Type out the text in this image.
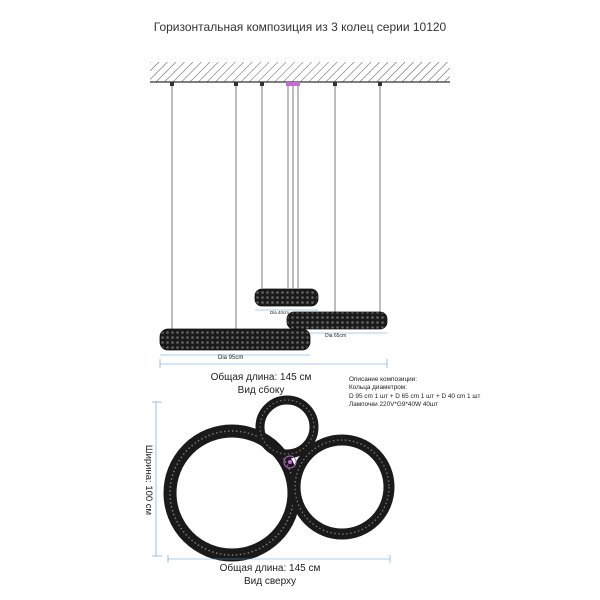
Горизонтальная композиция из 3 колец серии 10120
Dia 40cm
Dia 65cm
Dia 95cm
Общая длина: 145 см
Вид сбоку
Описание композиции:
Кольца диаметром:
D 95 cm 1 шт + D 65 cm 1 шт + D 40 cm 1 шт
Лампочки 220V*G9*40W 40шт
Ширина: 100 см
Общая длина: 145 см
Вид сверху
